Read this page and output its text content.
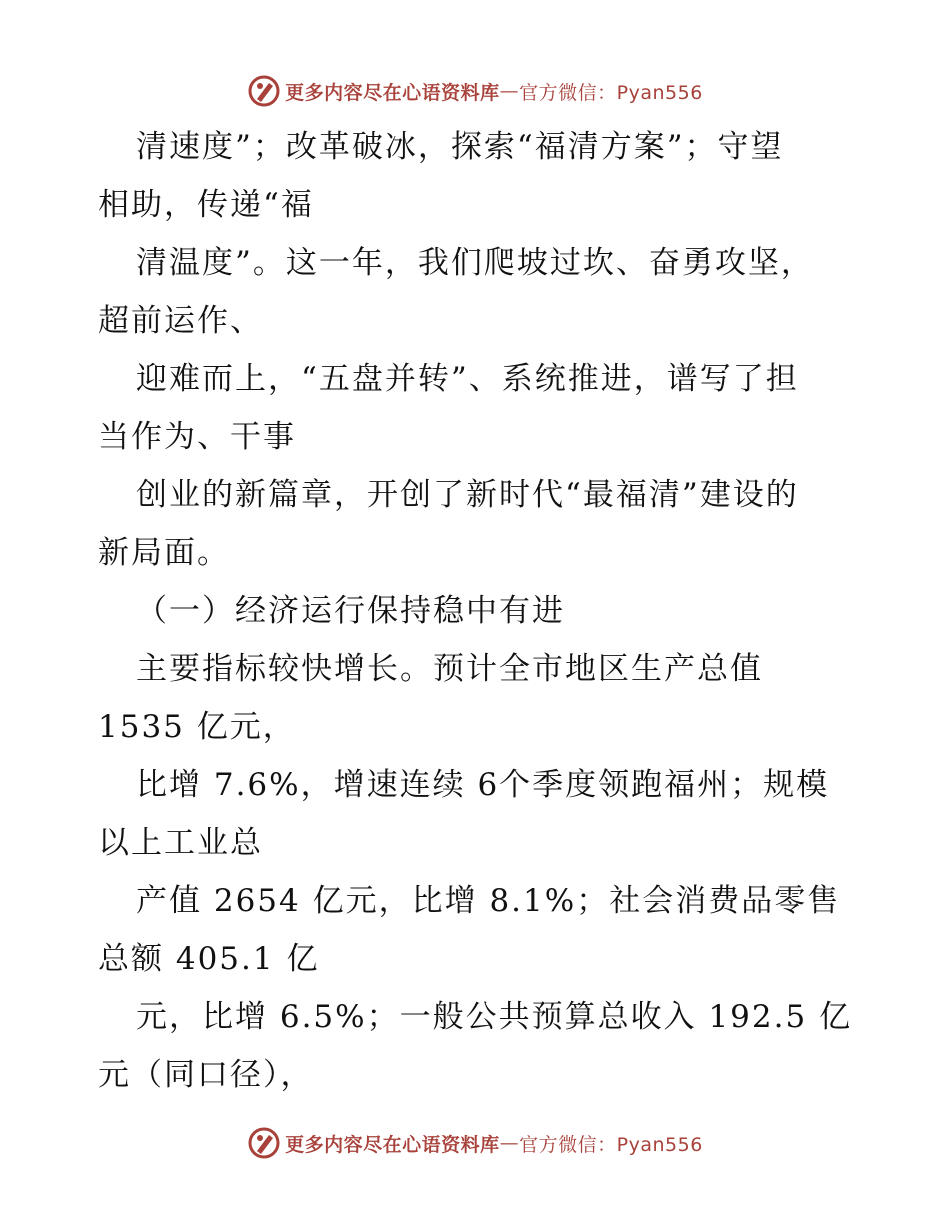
更多内容尽在心语资料库 — 官方微信：Pyan556

清速度”；改革破冰，探索“福清方案”；守望
相助，传递“福

清温度”。这一年，我们爬坡过坎、奋勇攻坚，
超前运作、

迎难而上，“五盘并转”、系统推进，谱写了担
当作为、干事

创业的新篇章，开创了新时代“最福清”建设的
新局面。

（一）经济运行保持稳中有进

主要指标较快增长。预计全市地区生产总值
1535 亿元，

比增 7.6%，增速连续 6个季度领跑福州；规模
以上工业总

产值 2654 亿元，比增 8.1%；社会消费品零售
总额 405.1 亿

元，比增 6.5%；一般公共预算总收入 192.5 亿
元（同口径），

更多内容尽在心语资料库 — 官方微信：Pyan556
